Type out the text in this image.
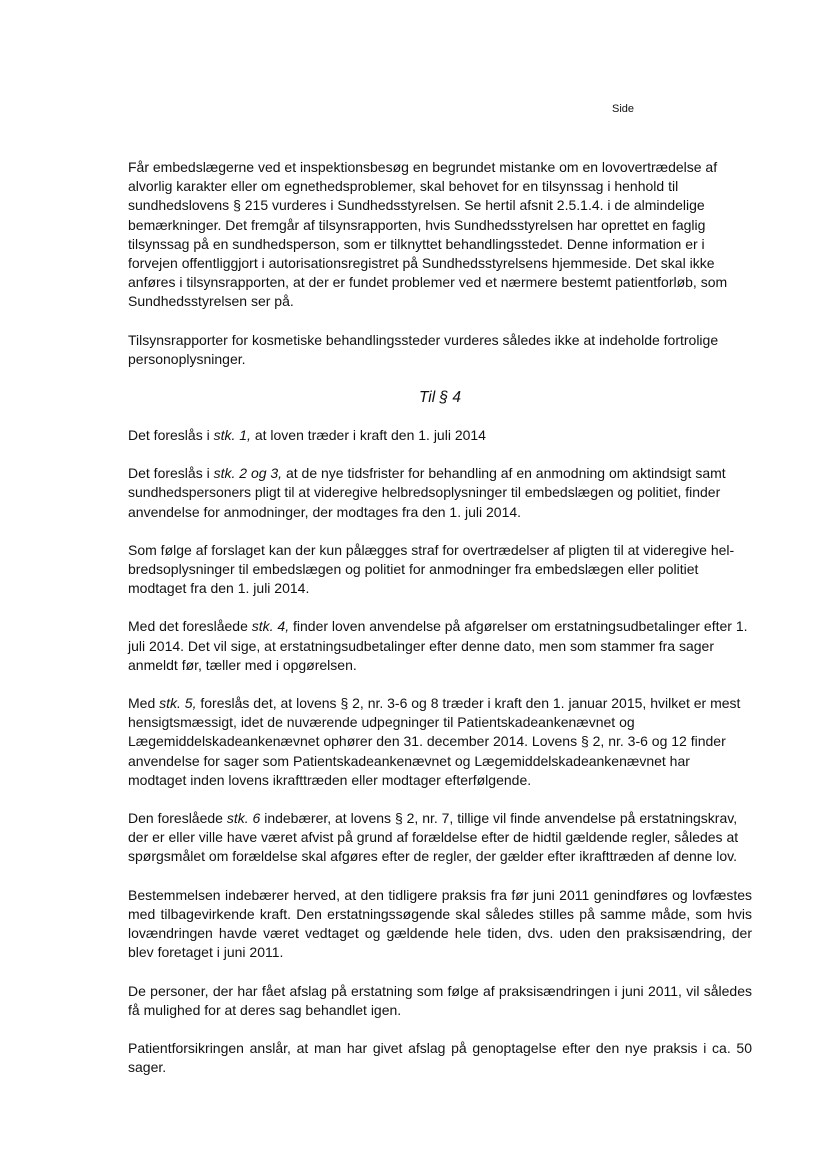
Side

Får embedslægerne ved et inspektionsbesøg en begrundet mistanke om en lovovertrædelse af alvorlig karakter eller om egnethedsproblemer, skal behovet for en tilsynssag i henhold til sundhedslovens § 215 vurderes i Sundhedsstyrelsen. Se hertil afsnit 2.5.1.4. i de almindelige bemærkninger. Det fremgår af tilsynsrapporten, hvis Sundhedsstyrelsen har oprettet en faglig tilsynssag på en sundhedsperson, som er tilknyttet behandlingsstedet. Denne information er i forvejen offentliggjort i autorisationsregistret på Sundhedsstyrelsens hjemmeside. Det skal ikke anføres i tilsynsrapporten, at der er fundet problemer ved et nærmere bestemt patientforløb, som Sundhedsstyrelsen ser på.

Tilsynsrapporter for kosmetiske behandlingssteder vurderes således ikke at indeholde fortrolige personoplysninger.

Til § 4

Det foreslås i stk. 1, at loven træder i kraft den 1. juli 2014

Det foreslås i stk. 2 og 3, at de nye tidsfrister for behandling af en anmodning om aktindsigt samt sundhedspersoners pligt til at videregive helbredsoplysninger til embedslægen og politiet, finder anvendelse for anmodninger, der modtages fra den 1. juli 2014.

Som følge af forslaget kan der kun pålægges straf for overtrædelser af pligten til at videregive hel-bredsoplysninger til embedslægen og politiet for anmodninger fra embedslægen eller politiet modtaget fra den 1. juli 2014.

Med det foreslåede stk. 4, finder loven anvendelse på afgørelser om erstatningsudbetalinger efter 1. juli 2014. Det vil sige, at erstatningsudbetalinger efter denne dato, men som stammer fra sager anmeldt før, tæller med i opgørelsen.

Med stk. 5, foreslås det, at lovens § 2, nr. 3-6 og 8 træder i kraft den 1. januar 2015, hvilket er mest hensigtsmæssigt, idet de nuværende udpegninger til Patientskadeankenævnet og Lægemiddelskadeankenævnet ophører den 31. december 2014. Lovens § 2, nr. 3-6 og 12 finder anvendelse for sager som Patientskadeankenævnet og Lægemiddelskadeankenævnet har modtaget inden lovens ikrafttræden eller modtager efterfølgende.

Den foreslåede stk. 6 indebærer, at lovens § 2, nr. 7, tillige vil finde anvendelse på erstatningskrav, der er eller ville have været afvist på grund af forældelse efter de hidtil gældende regler, således at spørgsmålet om forældelse skal afgøres efter de regler, der gælder efter ikrafttræden af denne lov.

Bestemmelsen indebærer herved, at den tidligere praksis fra før juni 2011 genindføres og lovfæstes med tilbagevirkende kraft. Den erstatningssøgende skal således stilles på samme måde, som hvis lovændringen havde været vedtaget og gældende hele tiden, dvs. uden den praksisændring, der blev foretaget i juni 2011.

De personer, der har fået afslag på erstatning som følge af praksisændringen i juni 2011, vil således få mulighed for at deres sag behandlet igen.

Patientforsikringen anslår, at man har givet afslag på genoptagelse efter den nye praksis i ca. 50 sager.
